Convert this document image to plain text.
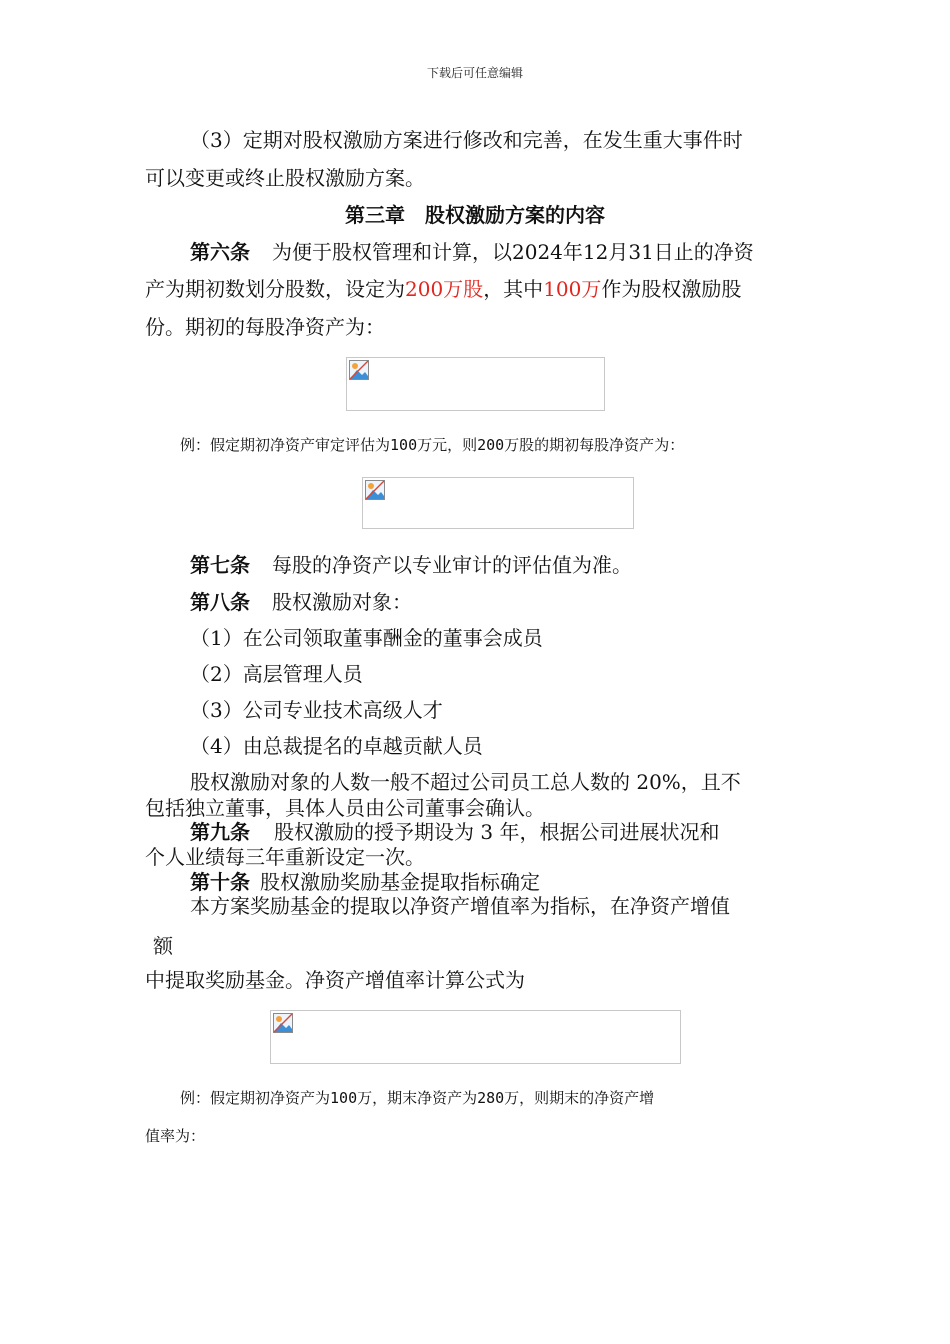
下载后可任意编辑
（3）定期对股权激励方案进行修改和完善，在发生重大事件时
可以变更或终止股权激励方案。
第三章　股权激励方案的内容
第六条 为便于股权管理和计算，以2024年12月31日止的净资
产为期初数划分股数，设定为200万股，其中100万作为股权激励股
份。期初的每股净资产为：
例：假定期初净资产审定评估为100万元，则200万股的期初每股净资产为：
第七条 每股的净资产以专业审计的评估值为准。
第八条 股权激励对象：
（1）在公司领取董事酬金的董事会成员
（2）高层管理人员
（3）公司专业技术高级人才
（4）由总裁提名的卓越贡献人员
股权激励对象的人数一般不超过公司员工总人数的 20%，且不
包括独立董事，具体人员由公司董事会确认。
第九条 股权激励的授予期设为 3 年，根据公司进展状况和
个人业绩每三年重新设定一次。
第十条 股权激励奖励基金提取指标确定
本方案奖励基金的提取以净资产增值率为指标，在净资产增值
额
中提取奖励基金。净资产增值率计算公式为
例：假定期初净资产为100万，期末净资产为280万，则期末的净资产增
值率为：
